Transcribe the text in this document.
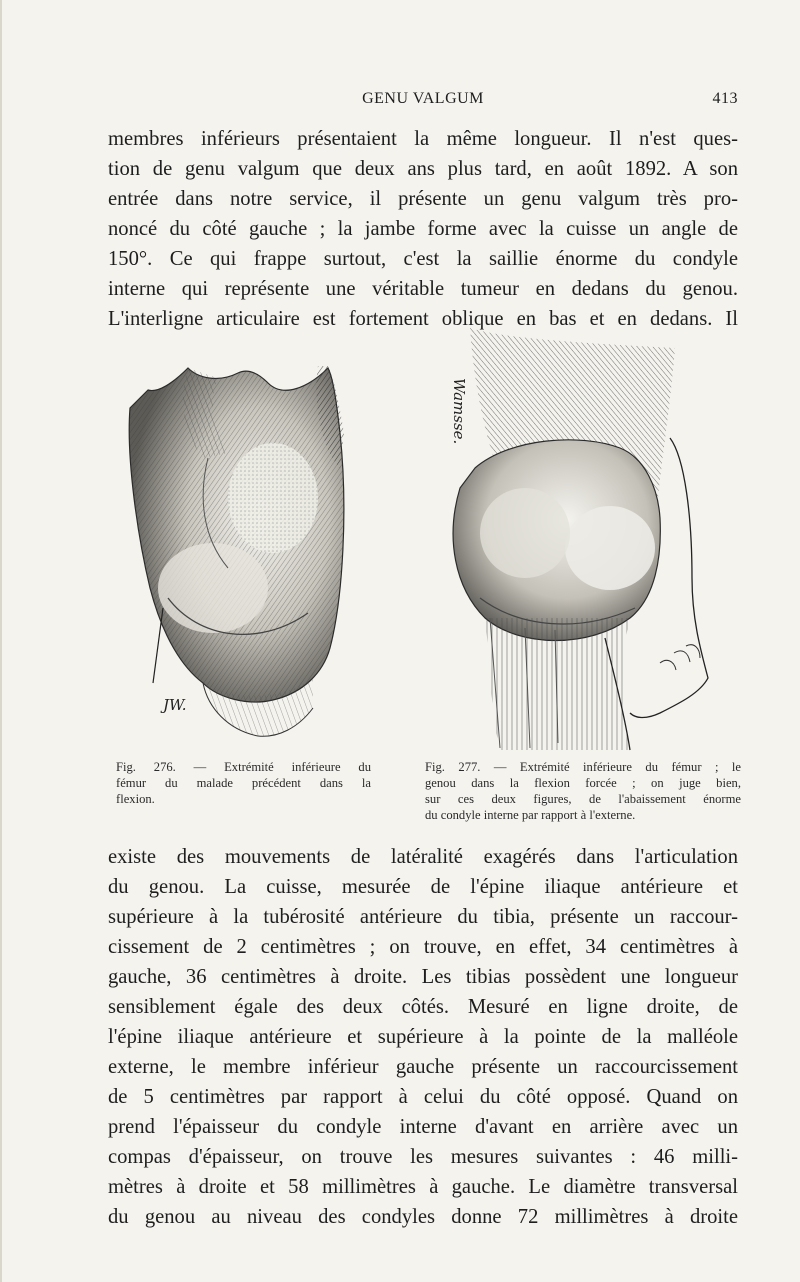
GENU VALGUM	413

membres inférieurs présentaient la même longueur. Il n'est ques-
tion de genu valgum que deux ans plus tard, en août 1892. A son
entrée dans notre service, il présente un genu valgum très pro-
noncé du côté gauche ; la jambe forme avec la cuisse un angle de
150°. Ce qui frappe surtout, c'est la saillie énorme du condyle
interne qui représente une véritable tumeur en dedans du genou.
L'interligne articulaire est fortement oblique en bas et en dedans. Il

JW.
Wamsse.

Fig. 276. — Extrémité inférieure du
fémur du malade précédent dans la
flexion.

Fig. 277. — Extrémité inférieure du fémur ; le
genou dans la flexion forcée ; on juge bien,
sur ces deux figures, de l'abaissement énorme
du condyle interne par rapport à l'externe.

existe des mouvements de latéralité exagérés dans l'articulation
du genou. La cuisse, mesurée de l'épine iliaque antérieure et
supérieure à la tubérosité antérieure du tibia, présente un raccour-
cissement de 2 centimètres ; on trouve, en effet, 34 centimètres à
gauche, 36 centimètres à droite. Les tibias possèdent une longueur
sensiblement égale des deux côtés. Mesuré en ligne droite, de
l'épine iliaque antérieure et supérieure à la pointe de la malléole
externe, le membre inférieur gauche présente un raccourcissement
de 5 centimètres par rapport à celui du côté opposé. Quand on
prend l'épaisseur du condyle interne d'avant en arrière avec un
compas d'épaisseur, on trouve les mesures suivantes : 46 milli-
mètres à droite et 58 millimètres à gauche. Le diamètre transversal
du genou au niveau des condyles donne 72 millimètres à droite
